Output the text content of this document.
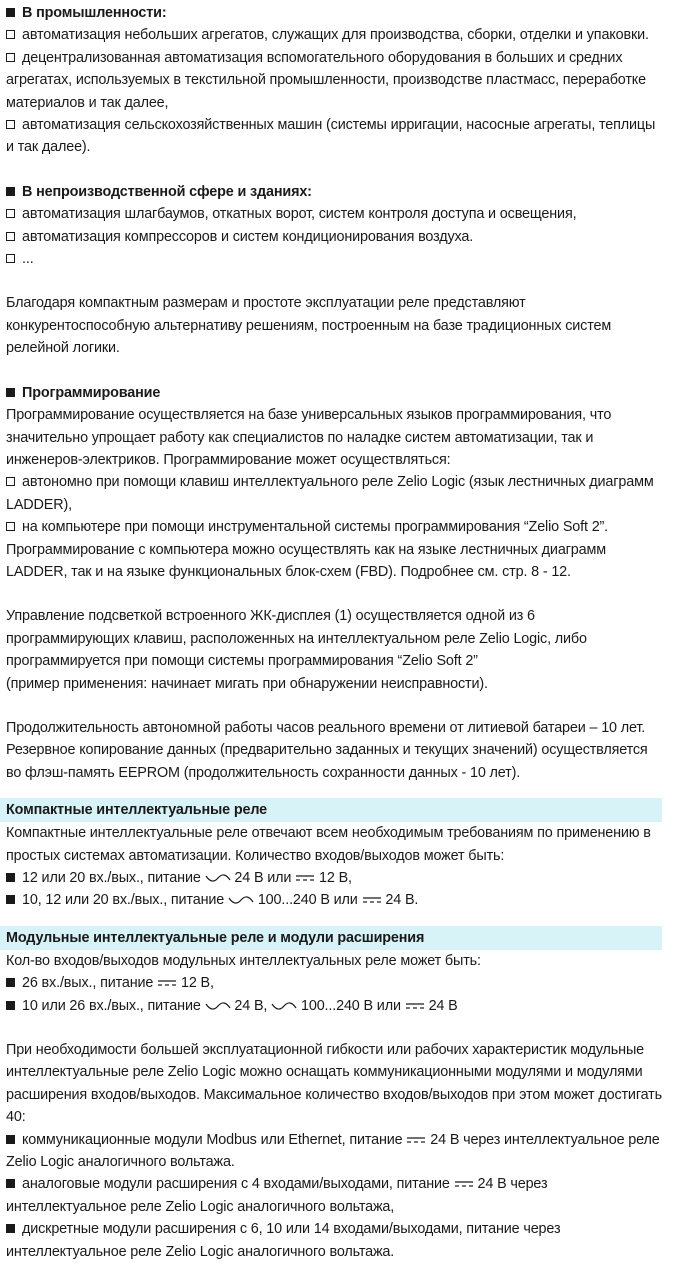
В промышленности:

автоматизация небольших агрегатов, служащих для производства, сборки, отделки и упаковки.

децентрализованная автоматизация вспомогательного оборудования в больших и средних агрегатах, используемых в текстильной промышленности, производстве пластмасс, переработке материалов и так далее,

автоматизация сельскохозяйственных машин (системы ирригации, насосные агрегаты, теплицы и так далее).

В непроизводственной сфере и зданиях:

автоматизация шлагбаумов, откатных ворот, систем контроля доступа и освещения,

автоматизация компрессоров и систем кондиционирования воздуха.

...

Благодаря компактным размерам и простоте эксплуатации реле представляют конкурентоспособную альтернативу решениям, построенным на базе традиционных систем релейной логики.

Программирование

Программирование осуществляется на базе универсальных языков программирования, что значительно упрощает работу как специалистов по наладке систем автоматизации, так и инженеров-электриков. Программирование может осуществляться:

автономно при помощи клавиш интеллектуального реле Zelio Logic (язык лестничных диаграмм LADDER),

на компьютере при помощи инструментальной системы программирования “Zelio Soft 2”.

Программирование с компьютера можно осуществлять как на языке лестничных диаграмм LADDER, так и на языке функциональных блок-схем (FBD). Подробнее см. стр. 8 - 12.

Управление подсветкой встроенного ЖК-дисплея (1) осуществляется одной из 6 программирующих клавиш, расположенных на интеллектуальном реле Zelio Logic, либо программируется при помощи системы программирования “Zelio Soft 2”

(пример применения: начинает мигать при обнаружении неисправности).

Продолжительность автономной работы часов реального времени от литиевой батареи – 10 лет.

Резервное копирование данных (предварительно заданных и текущих значений) осуществляется во флэш-память EEPROM (продолжительность сохранности данных - 10 лет).

Компактные интеллектуальные реле

Компактные интеллектуальные реле отвечают всем необходимым требованиям по применению в простых системах автоматизации. Количество входов/выходов может быть:

12 или 20 вх./вых., питание 24 В или 12 В,

10, 12 или 20 вх./вых., питание 100...240 В или 24 В.

Модульные интеллектуальные реле и модули расширения

Кол-во входов/выходов модульных интеллектуальных реле может быть:

26 вх./вых., питание 12 В,

10 или 26 вх./вых., питание 24 В, 100...240 В или 24 В

При необходимости большей эксплуатационной гибкости или рабочих характеристик модульные интеллектуальные реле Zelio Logic можно оснащать коммуникационными модулями и модулями расширения входов/выходов. Максимальное количество входов/выходов при этом может достигать 40:

коммуникационные модули Modbus или Ethernet, питание 24 В через интеллектуальное реле Zelio Logic аналогичного вольтажа.

аналоговые модули расширения с 4 входами/выходами, питание 24 В через интеллектуальное реле Zelio Logic аналогичного вольтажа,

дискретные модули расширения с 6, 10 или 14 входами/выходами, питание через интеллектуальное реле Zelio Logic аналогичного вольтажа.
